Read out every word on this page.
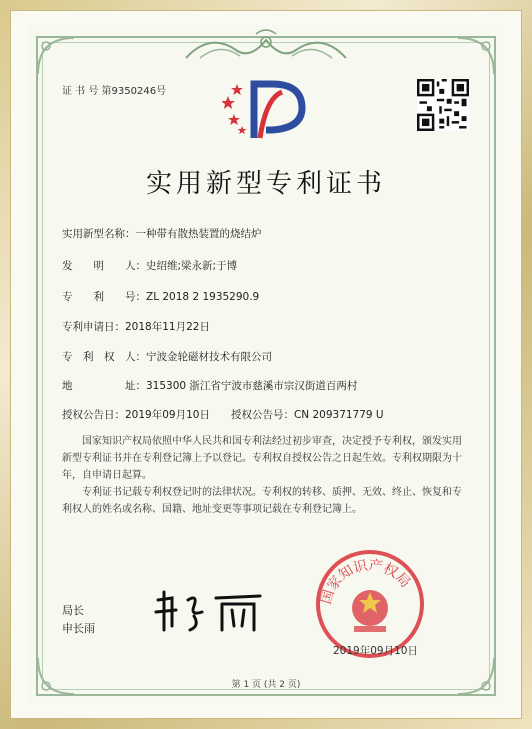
证 书 号 第9350246号
实用新型专利证书
实用新型名称：一种带有散热装置的烧结炉
发　　明　　人：史绍维;梁永新;于博
专　　利　　号：ZL 2018 2 1935290.9
专利申请日：2018年11月22日
专　利　权　人：宁波金轮磁材技术有限公司
地　　　　　址：315300 浙江省宁波市慈溪市宗汉街道百两村
授权公告日：2019年09月10日　　授权公告号：CN 209371779 U
国家知识产权局依照中华人民共和国专利法经过初步审查，决定授予专利权，颁发实用新型专利证书并在专利登记簿上予以登记。专利权自授权公告之日起生效。专利权期限为十年，自申请日起算。
专利证书记载专利权登记时的法律状况。专利权的转移、质押、无效、终止、恢复和专利权人的姓名或名称、国籍、地址变更等事项记载在专利登记簿上。
局长
申长雨
国家知识产权局
2019年09月10日
第 1 页 (共 2 页)
